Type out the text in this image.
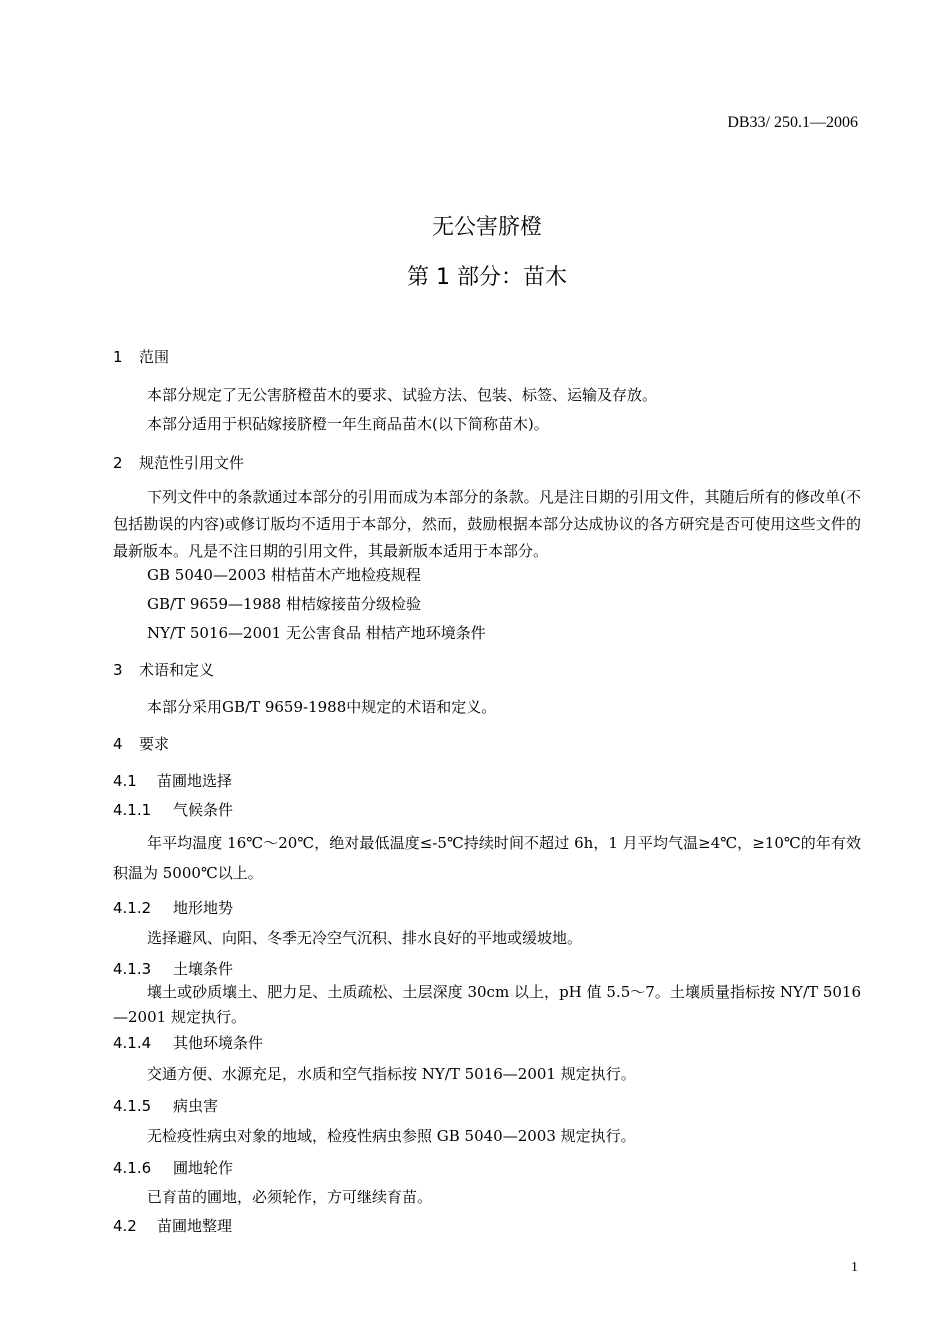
DB33/ 250.1—2006
无公害脐橙
第 1 部分：苗木
1 范围
本部分规定了无公害脐橙苗木的要求、试验方法、包装、标签、运输及存放。
本部分适用于枳砧嫁接脐橙一年生商品苗木(以下简称苗木)。
2 规范性引用文件
下列文件中的条款通过本部分的引用而成为本部分的条款。凡是注日期的引用文件，其随后所有的修改单(不包括勘误的内容)或修订版均不适用于本部分，然而，鼓励根据本部分达成协议的各方研究是否可使用这些文件的最新版本。凡是不注日期的引用文件，其最新版本适用于本部分。
GB 5040—2003 柑桔苗木产地检疫规程
GB/T 9659—1988 柑桔嫁接苗分级检验
NY/T 5016—2001 无公害食品 柑桔产地环境条件
3 术语和定义
本部分采用GB/T 9659-1988中规定的术语和定义。
4 要求
4.1 苗圃地选择
4.1.1 气候条件
年平均温度 16℃～20℃，绝对最低温度≤-5℃持续时间不超过 6h，1 月平均气温≥4℃，≥10℃的年有效积温为 5000℃以上。
4.1.2 地形地势
选择避风、向阳、冬季无冷空气沉积、排水良好的平地或缓坡地。
4.1.3 土壤条件
壤土或砂质壤土、肥力足、土质疏松、土层深度 30cm 以上，pH 值 5.5～7。土壤质量指标按 NY/T 5016—2001 规定执行。
4.1.4 其他环境条件
交通方便、水源充足，水质和空气指标按 NY/T 5016—2001 规定执行。
4.1.5 病虫害
无检疫性病虫对象的地域，检疫性病虫参照 GB 5040—2003 规定执行。
4.1.6 圃地轮作
已育苗的圃地，必须轮作，方可继续育苗。
4.2 苗圃地整理
1
